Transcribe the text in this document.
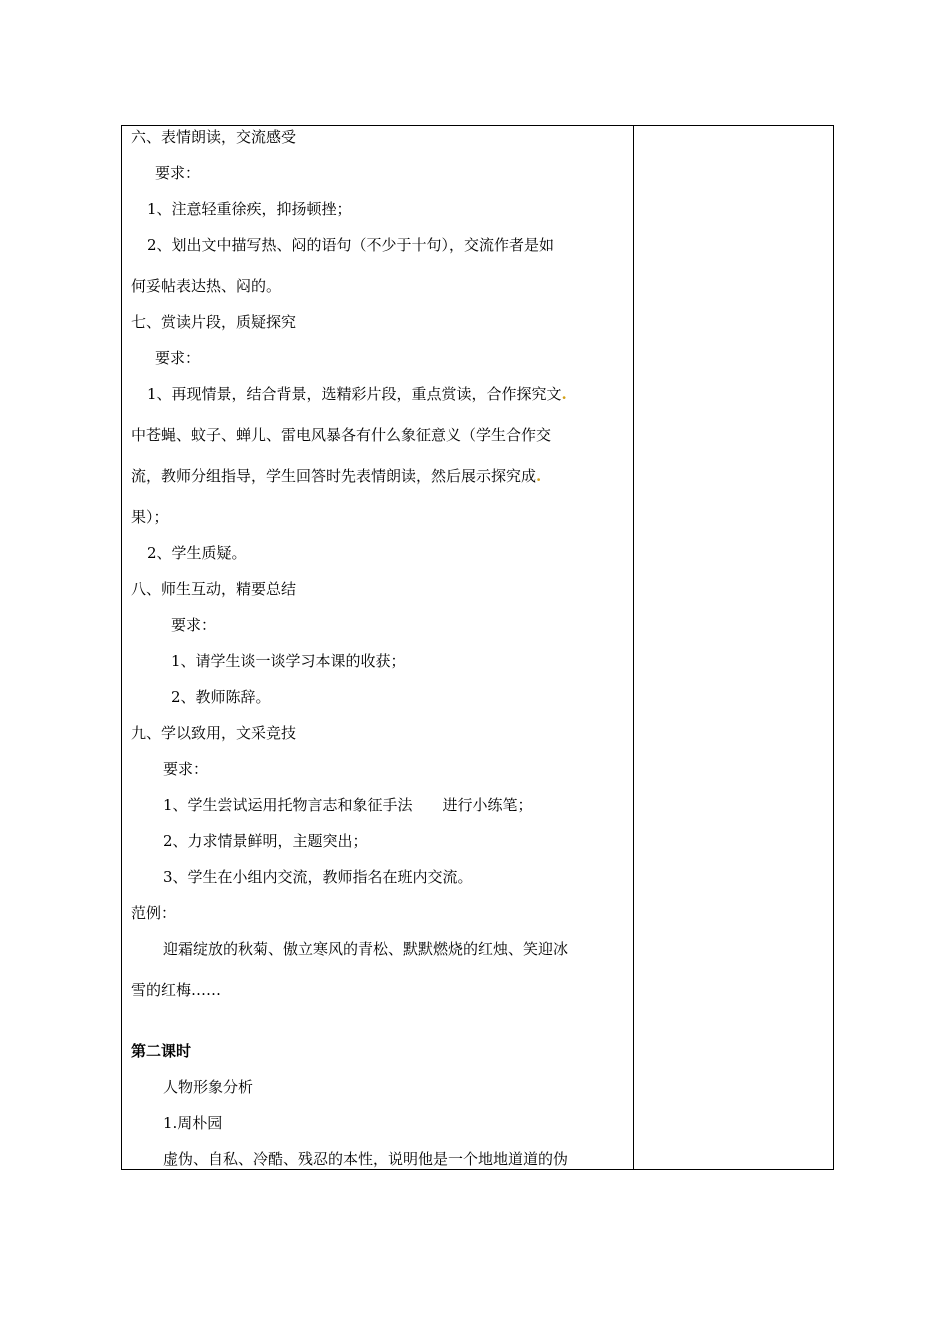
六、表情朗读，交流感受
要求：
1、注意轻重徐疾，抑扬顿挫；
2、划出文中描写热、闷的语句（不少于十句），交流作者是如
何妥帖表达热、闷的。
七、赏读片段，质疑探究
要求：
1、再现情景，结合背景，选精彩片段，重点赏读，合作探究文.
中苍蝇、蚊子、蝉儿、雷电风暴各有什么象征意义（学生合作交
流，教师分组指导，学生回答时先表情朗读，然后展示探究成.
果）；
2、学生质疑。
八、师生互动，精要总结
要求：
1、请学生谈一谈学习本课的收获；
2、教师陈辞。
九、学以致用，文采竞技
要求：
1、学生尝试运用托物言志和象征手法　　进行小练笔；
2、力求情景鲜明，主题突出；
3、学生在小组内交流，教师指名在班内交流。
范例：
迎霜绽放的秋菊、傲立寒风的青松、默默燃烧的红烛、笑迎冰
雪的红梅……
第二课时
人物形象分析
1.周朴园
虚伪、自私、冷酷、残忍的本性，说明他是一个地地道道的伪
